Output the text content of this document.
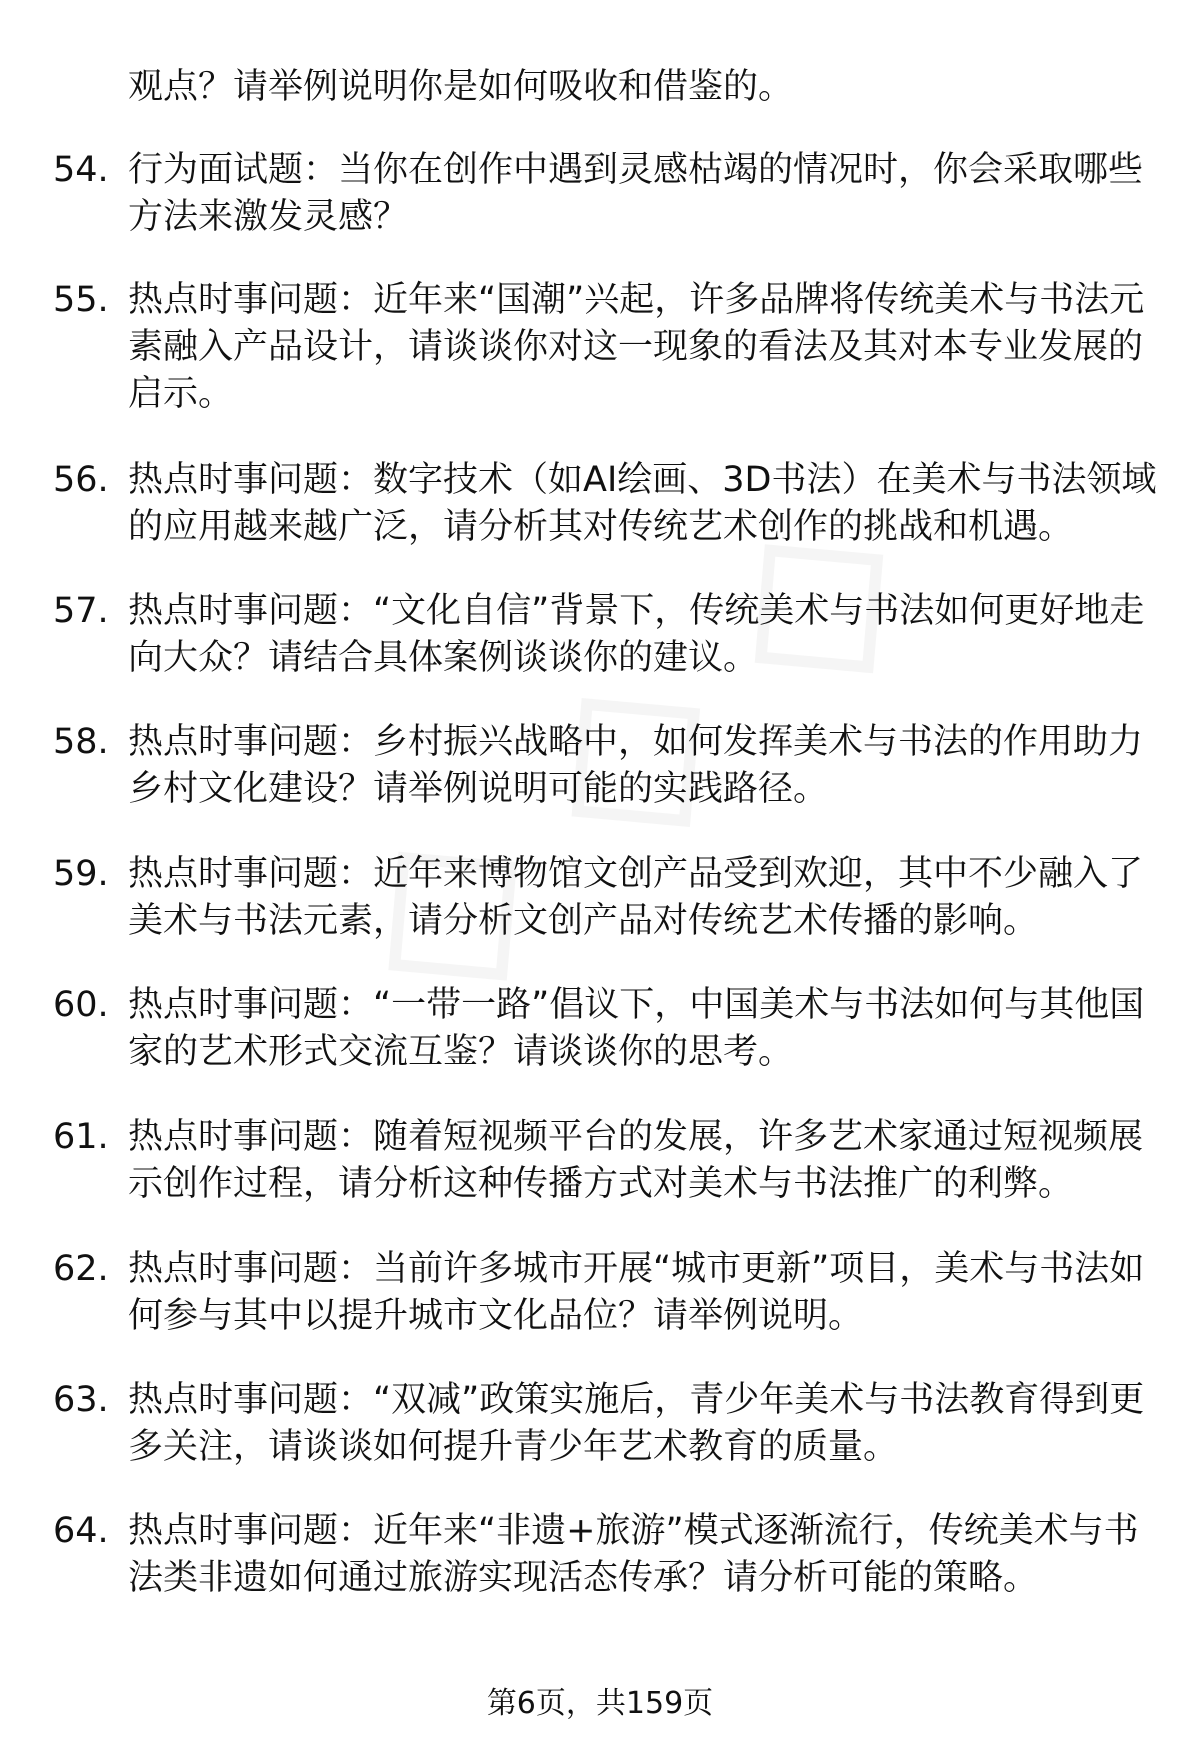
观点？请举例说明你是如何吸收和借鉴的。
54. 行为面试题：当你在创作中遇到灵感枯竭的情况时，你会采取哪些方法来激发灵感？
55. 热点时事问题：近年来“国潮”兴起，许多品牌将传统美术与书法元素融入产品设计，请谈谈你对这一现象的看法及其对本专业发展的启示。
56. 热点时事问题：数字技术（如AI绘画、3D书法）在美术与书法领域的应用越来越广泛，请分析其对传统艺术创作的挑战和机遇。
57. 热点时事问题：“文化自信”背景下，传统美术与书法如何更好地走向大众？请结合具体案例谈谈你的建议。
58. 热点时事问题：乡村振兴战略中，如何发挥美术与书法的作用助力乡村文化建设？请举例说明可能的实践路径。
59. 热点时事问题：近年来博物馆文创产品受到欢迎，其中不少融入了美术与书法元素，请分析文创产品对传统艺术传播的影响。
60. 热点时事问题：“一带一路”倡议下，中国美术与书法如何与其他国家的艺术形式交流互鉴？请谈谈你的思考。
61. 热点时事问题：随着短视频平台的发展，许多艺术家通过短视频展示创作过程，请分析这种传播方式对美术与书法推广的利弊。
62. 热点时事问题：当前许多城市开展“城市更新”项目，美术与书法如何参与其中以提升城市文化品位？请举例说明。
63. 热点时事问题：“双减”政策实施后，青少年美术与书法教育得到更多关注，请谈谈如何提升青少年艺术教育的质量。
64. 热点时事问题：近年来“非遗+旅游”模式逐渐流行，传统美术与书法类非遗如何通过旅游实现活态传承？请分析可能的策略。
第6页，共159页
